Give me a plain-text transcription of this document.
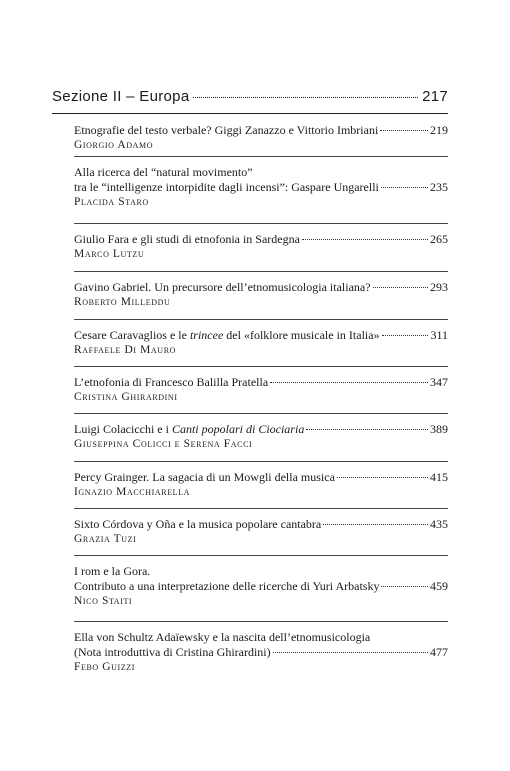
Sezione II – Europa	217
Etnografie del testo verbale? Giggi Zanazzo e Vittorio Imbriani	219
Giorgio Adamo
Alla ricerca del “natural movimento”
tra le “intelligenze intorpidite dagli incensi”: Gaspare Ungarelli	235
Placida Staro
Giulio Fara e gli studi di etnofonia in Sardegna	265
Marco Lutzu
Gavino Gabriel. Un precursore dell’etnomusicologia italiana?	293
Roberto Milleddu
Cesare Caravaglios e le trincee del «folklore musicale in Italia»	311
Raffaele Di Mauro
L’etnofonia di Francesco Balilla Pratella	347
Cristina Ghirardini
Luigi Colacicchi e i Canti popolari di Ciociaria	389
Giuseppina Colicci e Serena Facci
Percy Grainger. La sagacia di un Mowgli della musica	415
Ignazio Macchiarella
Sixto Córdova y Oña e la musica popolare cantabra	435
Grazia Tuzi
I rom e la Gora.
Contributo a una interpretazione delle ricerche di Yuri Arbatsky	459
Nico Staiti
Ella von Schultz Adaïewsky e la nascita dell’etnomusicologia
(Nota introduttiva di Cristina Ghirardini)	477
Febo Guizzi
